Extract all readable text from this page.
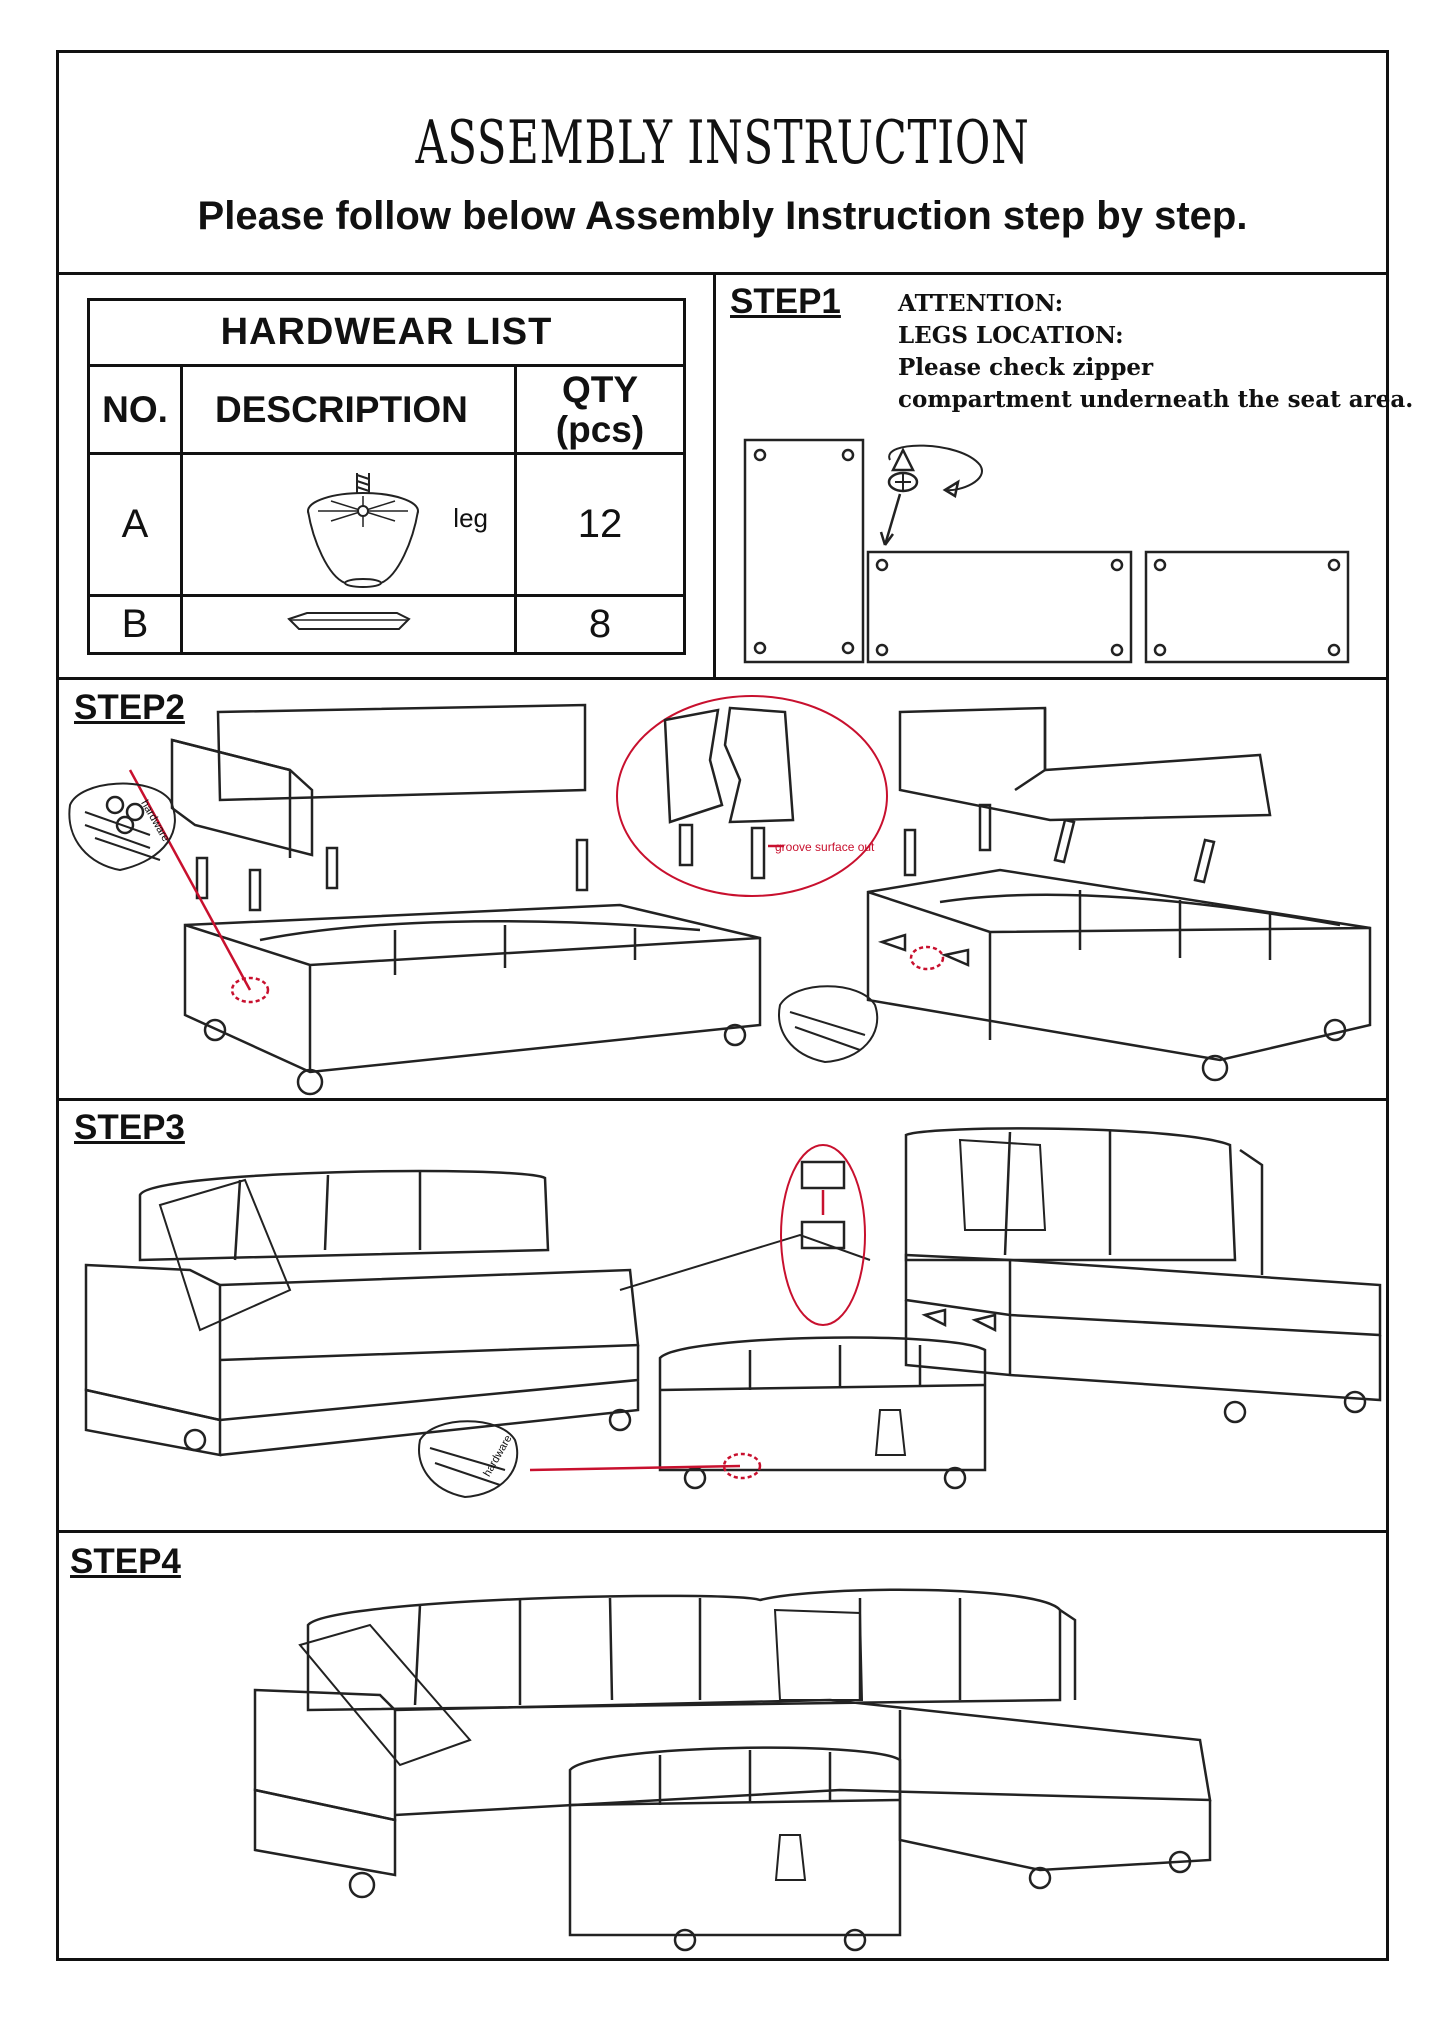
ASSEMBLY INSTRUCTION
Please follow below Assembly Instruction step by step.
HARDWEAR LIST		
NO.	DESCRIPTION	QTY (pcs)
A	leg	12
B		8
STEP1
STEP2
STEP3
STEP4
ATTENTION:
LEGS LOCATION:
Please check zipper
compartment underneath the seat area.
groove surface out
hardware
hardware
